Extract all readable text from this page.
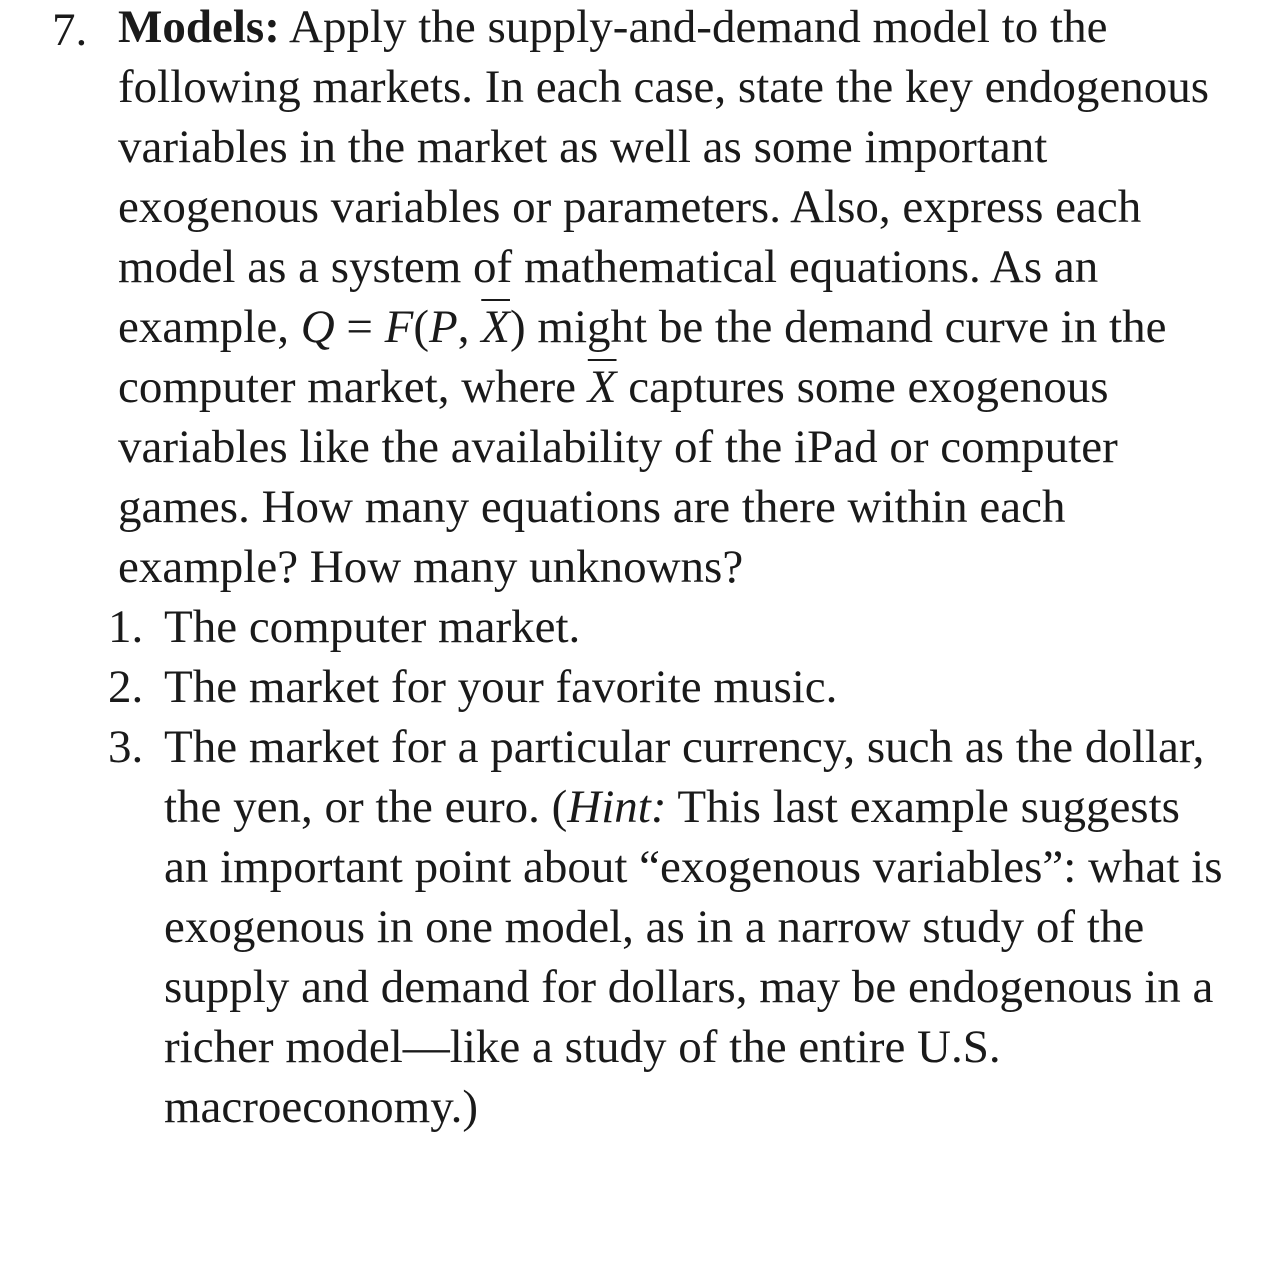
7. Models: Apply the supply-and-demand model to the following markets. In each case, state the key endogenous variables in the market as well as some important exogenous variables or parameters. Also, express each model as a system of mathematical equations. As an example, Q = F(P, $\overline{X}$) might be the demand curve in the computer market, where $\overline{X}$ captures some exogenous variables like the availability of the iPad or computer games. How many equations are there within each example? How many unknowns?

1. The computer market.
2. The market for your favorite music.
3. The market for a particular currency, such as the dollar, the yen, or the euro. (Hint: This last example suggests an important point about “exogenous variables”: what is exogenous in one model, as in a narrow study of the supply and demand for dollars, may be endogenous in a richer model—like a study of the entire U.S. macroeconomy.)
